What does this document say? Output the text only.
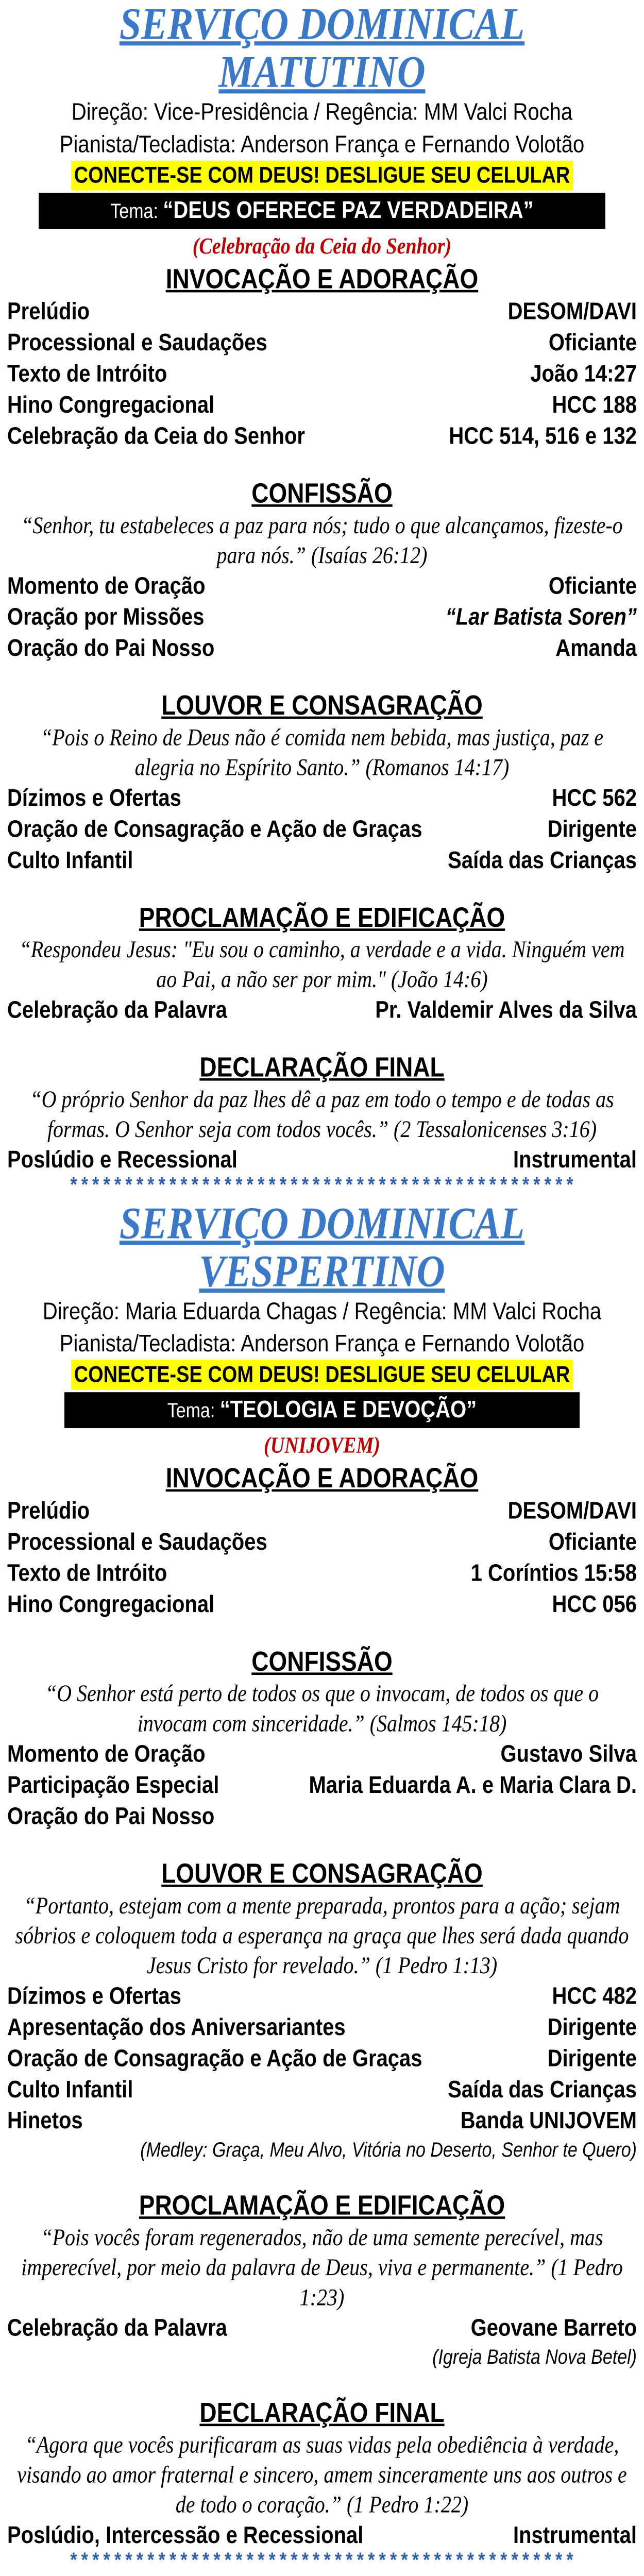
SERVIÇO DOMINICAL
MATUTINO
Direção: Vice-Presidência / Regência: MM Valci Rocha
Pianista/Tecladista: Anderson França e Fernando Volotão
CONECTE-SE COM DEUS! DESLIGUE SEU CELULAR
Tema: “DEUS OFERECE PAZ VERDADEIRA”
(Celebração da Ceia do Senhor)
INVOCAÇÃO E ADORAÇÃO
Prelúdio	DESOM/DAVI
Processional e Saudações	Oficiante
Texto de Intróito	João 14:27
Hino Congregacional	HCC 188
Celebração da Ceia do Senhor	HCC 514, 516 e 132
CONFISSÃO
“Senhor, tu estabeleces a paz para nós; tudo o que alcançamos, fizeste-o para nós.” (Isaías 26:12)
Momento de Oração	Oficiante
Oração por Missões	“Lar Batista Soren”
Oração do Pai Nosso	Amanda
LOUVOR E CONSAGRAÇÃO
“Pois o Reino de Deus não é comida nem bebida, mas justiça, paz e alegria no Espírito Santo.” (Romanos 14:17)
Dízimos e Ofertas	HCC 562
Oração de Consagração e Ação de Graças	Dirigente
Culto Infantil	Saída das Crianças
PROCLAMAÇÃO E EDIFICAÇÃO
“Respondeu Jesus: "Eu sou o caminho, a verdade e a vida. Ninguém vem ao Pai, a não ser por mim." (João 14:6)
Celebração da Palavra	Pr. Valdemir Alves da Silva
DECLARAÇÃO FINAL
“O próprio Senhor da paz lhes dê a paz em todo o tempo e de todas as formas. O Senhor seja com todos vocês.” (2 Tessalonicenses 3:16)
Poslúdio e Recessional	Instrumental
**********************************************
SERVIÇO DOMINICAL
VESPERTINO
Direção: Maria Eduarda Chagas / Regência: MM Valci Rocha
Pianista/Tecladista: Anderson França e Fernando Volotão
CONECTE-SE COM DEUS! DESLIGUE SEU CELULAR
Tema: “TEOLOGIA E DEVOÇÃO”
(UNIJOVEM)
INVOCAÇÃO E ADORAÇÃO
Prelúdio	DESOM/DAVI
Processional e Saudações	Oficiante
Texto de Intróito	1 Coríntios 15:58
Hino Congregacional	HCC 056
CONFISSÃO
“O Senhor está perto de todos os que o invocam, de todos os que o invocam com sinceridade.” (Salmos 145:18)
Momento de Oração	Gustavo Silva
Participação Especial	Maria Eduarda A. e Maria Clara D.
Oração do Pai Nosso
LOUVOR E CONSAGRAÇÃO
“Portanto, estejam com a mente preparada, prontos para a ação; sejam sóbrios e coloquem toda a esperança na graça que lhes será dada quando Jesus Cristo for revelado.” (1 Pedro 1:13)
Dízimos e Ofertas	HCC 482
Apresentação dos Aniversariantes	Dirigente
Oração de Consagração e Ação de Graças	Dirigente
Culto Infantil	Saída das Crianças
Hinetos	Banda UNIJOVEM
(Medley: Graça, Meu Alvo, Vitória no Deserto, Senhor te Quero)
PROCLAMAÇÃO E EDIFICAÇÃO
“Pois vocês foram regenerados, não de uma semente perecível, mas imperecível, por meio da palavra de Deus, viva e permanente.” (1 Pedro 1:23)
Celebração da Palavra	Geovane Barreto
(Igreja Batista Nova Betel)
DECLARAÇÃO FINAL
“Agora que vocês purificaram as suas vidas pela obediência à verdade, visando ao amor fraternal e sincero, amem sinceramente uns aos outros e de todo o coração.” (1 Pedro 1:22)
Poslúdio, Intercessão e Recessional	Instrumental
**********************************************
